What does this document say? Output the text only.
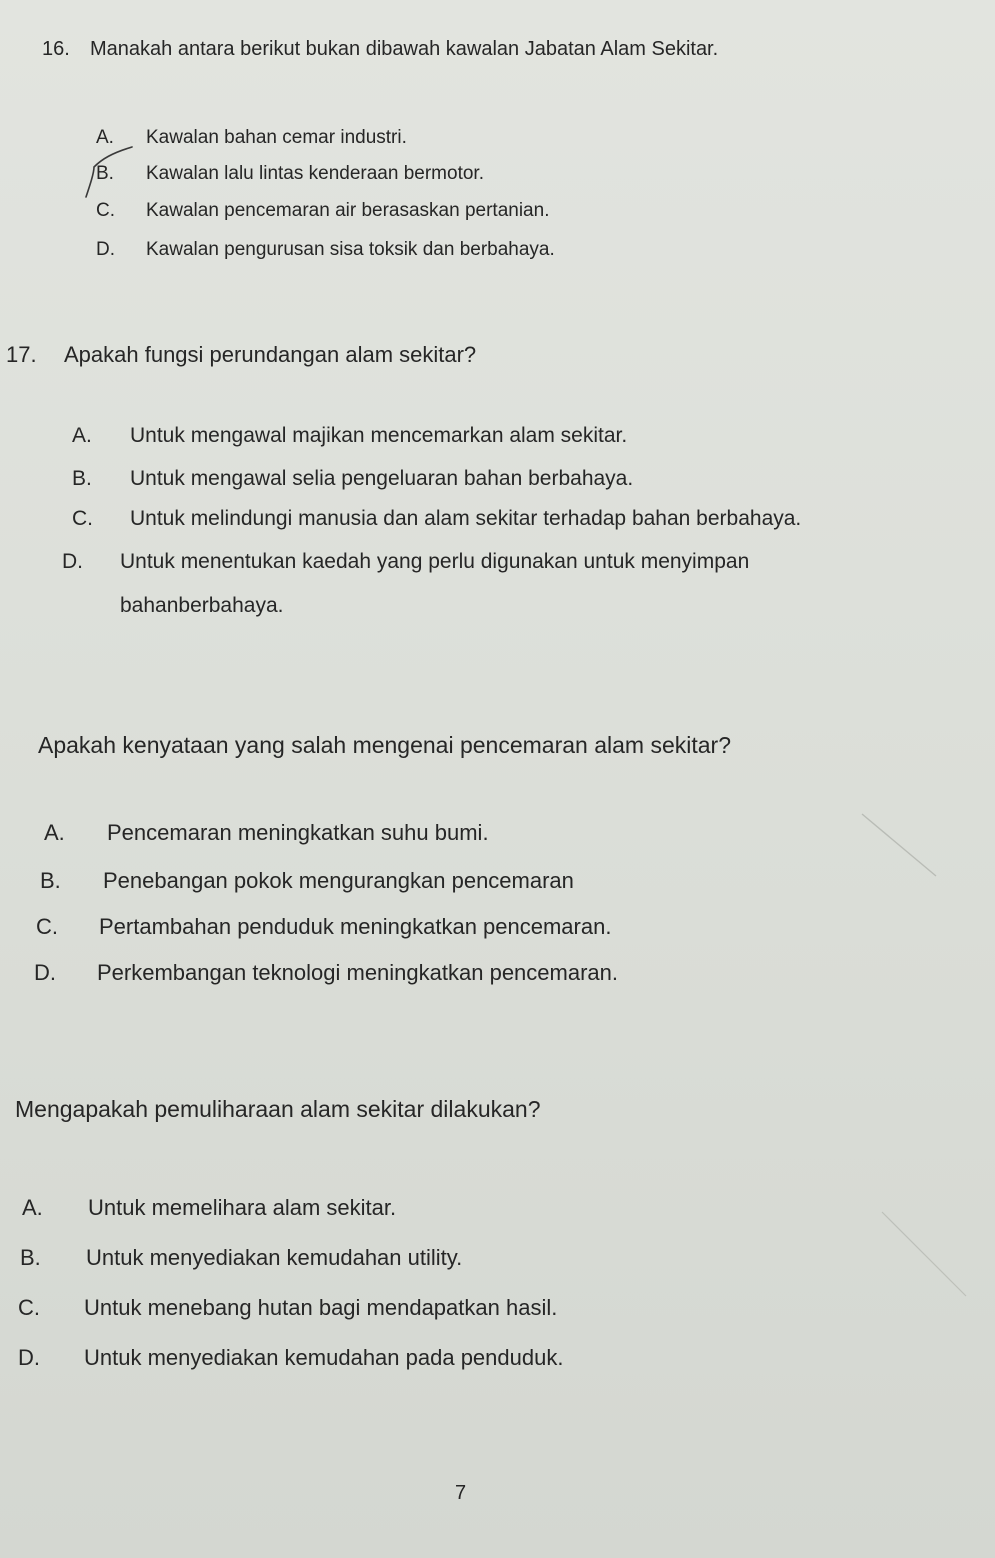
16. Manakah antara berikut bukan dibawah kawalan Jabatan Alam Sekitar.
A. Kawalan bahan cemar industri.
B. Kawalan lalu lintas kenderaan bermotor.
C. Kawalan pencemaran air berasaskan pertanian.
D. Kawalan pengurusan sisa toksik dan berbahaya.
17. Apakah fungsi perundangan alam sekitar?
A. Untuk mengawal majikan mencemarkan alam sekitar.
B. Untuk mengawal selia pengeluaran bahan berbahaya.
C. Untuk melindungi manusia dan alam sekitar terhadap bahan berbahaya.
D. Untuk menentukan kaedah yang perlu digunakan untuk menyimpan
bahanberbahaya.
Apakah kenyataan yang salah mengenai pencemaran alam sekitar?
A. Pencemaran meningkatkan suhu bumi.
B. Penebangan pokok mengurangkan pencemaran
C. Pertambahan penduduk meningkatkan pencemaran.
D. Perkembangan teknologi meningkatkan pencemaran.
Mengapakah pemuliharaan alam sekitar dilakukan?
A. Untuk memelihara alam sekitar.
B. Untuk menyediakan kemudahan utility.
C. Untuk menebang hutan bagi mendapatkan hasil.
D. Untuk menyediakan kemudahan pada penduduk.
7
